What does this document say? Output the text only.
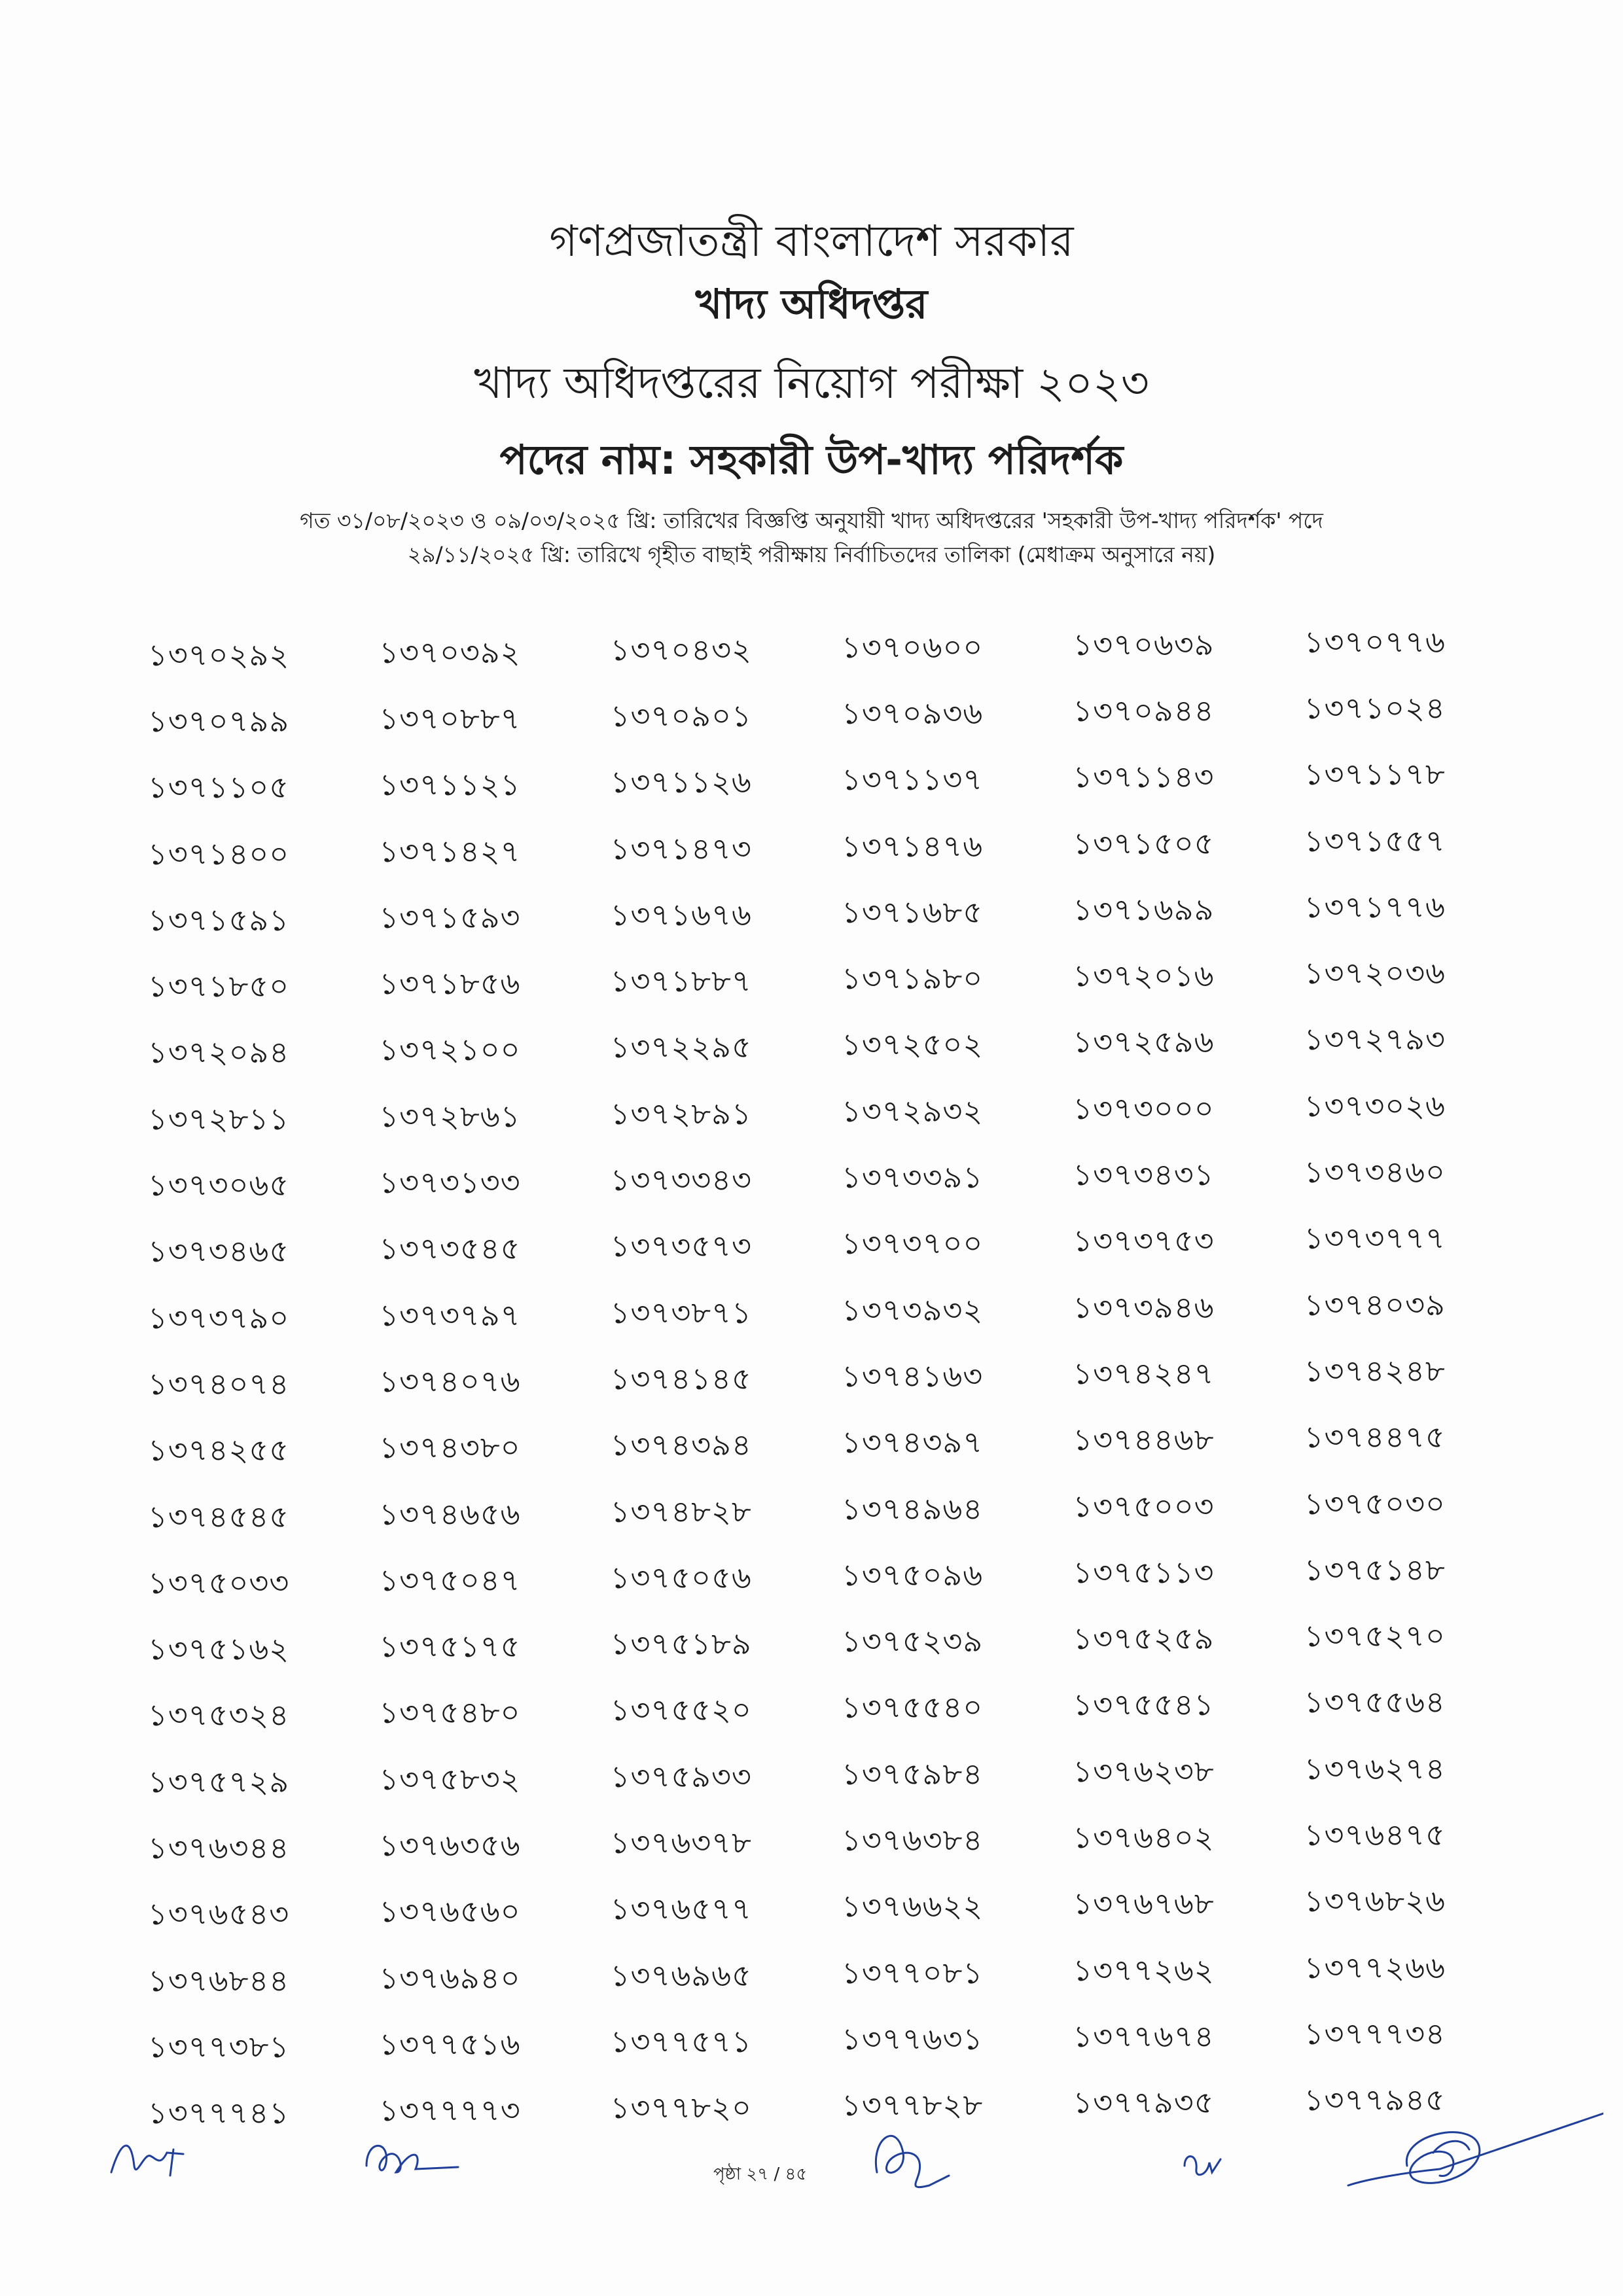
গণপ্রজাতন্ত্রী বাংলাদেশ সরকার
খাদ্য অধিদপ্তর
খাদ্য অধিদপ্তরের নিয়োগ পরীক্ষা ২০২৩
পদের নাম: সহকারী উপ-খাদ্য পরিদর্শক
গত ৩১/০৮/২০২৩ ও ০৯/০৩/২০২৫ খ্রি: তারিখের বিজ্ঞপ্তি অনুযায়ী খাদ্য অধিদপ্তরের 'সহকারী উপ-খাদ্য পরিদর্শক' পদে
২৯/১১/২০২৫ খ্রি: তারিখে গৃহীত বাছাই পরীক্ষায় নির্বাচিতদের তালিকা (মেধাক্রম অনুসারে নয়)
১৩৭০২৯২	১৩৭০৩৯২	১৩৭০৪৩২	১৩৭০৬০০	১৩৭০৬৩৯	১৩৭০৭৭৬
১৩৭০৭৯৯	১৩৭০৮৮৭	১৩৭০৯০১	১৩৭০৯৩৬	১৩৭০৯৪৪	১৩৭১০২৪
১৩৭১১০৫	১৩৭১১২১	১৩৭১১২৬	১৩৭১১৩৭	১৩৭১১৪৩	১৩৭১১৭৮
১৩৭১৪০০	১৩৭১৪২৭	১৩৭১৪৭৩	১৩৭১৪৭৬	১৩৭১৫০৫	১৩৭১৫৫৭
১৩৭১৫৯১	১৩৭১৫৯৩	১৩৭১৬৭৬	১৩৭১৬৮৫	১৩৭১৬৯৯	১৩৭১৭৭৬
১৩৭১৮৫০	১৩৭১৮৫৬	১৩৭১৮৮৭	১৩৭১৯৮০	১৩৭২০১৬	১৩৭২০৩৬
১৩৭২০৯৪	১৩৭২১০০	১৩৭২২৯৫	১৩৭২৫০২	১৩৭২৫৯৬	১৩৭২৭৯৩
১৩৭২৮১১	১৩৭২৮৬১	১৩৭২৮৯১	১৩৭২৯৩২	১৩৭৩০০০	১৩৭৩০২৬
১৩৭৩০৬৫	১৩৭৩১৩৩	১৩৭৩৩৪৩	১৩৭৩৩৯১	১৩৭৩৪৩১	১৩৭৩৪৬০
১৩৭৩৪৬৫	১৩৭৩৫৪৫	১৩৭৩৫৭৩	১৩৭৩৭০০	১৩৭৩৭৫৩	১৩৭৩৭৭৭
১৩৭৩৭৯০	১৩৭৩৭৯৭	১৩৭৩৮৭১	১৩৭৩৯৩২	১৩৭৩৯৪৬	১৩৭৪০৩৯
১৩৭৪০৭৪	১৩৭৪০৭৬	১৩৭৪১৪৫	১৩৭৪১৬৩	১৩৭৪২৪৭	১৩৭৪২৪৮
১৩৭৪২৫৫	১৩৭৪৩৮০	১৩৭৪৩৯৪	১৩৭৪৩৯৭	১৩৭৪৪৬৮	১৩৭৪৪৭৫
১৩৭৪৫৪৫	১৩৭৪৬৫৬	১৩৭৪৮২৮	১৩৭৪৯৬৪	১৩৭৫০০৩	১৩৭৫০৩০
১৩৭৫০৩৩	১৩৭৫০৪৭	১৩৭৫০৫৬	১৩৭৫০৯৬	১৩৭৫১১৩	১৩৭৫১৪৮
১৩৭৫১৬২	১৩৭৫১৭৫	১৩৭৫১৮৯	১৩৭৫২৩৯	১৩৭৫২৫৯	১৩৭৫২৭০
১৩৭৫৩২৪	১৩৭৫৪৮০	১৩৭৫৫২০	১৩৭৫৫৪০	১৩৭৫৫৪১	১৩৭৫৫৬৪
১৩৭৫৭২৯	১৩৭৫৮৩২	১৩৭৫৯৩৩	১৩৭৫৯৮৪	১৩৭৬২৩৮	১৩৭৬২৭৪
১৩৭৬৩৪৪	১৩৭৬৩৫৬	১৩৭৬৩৭৮	১৩৭৬৩৮৪	১৩৭৬৪০২	১৩৭৬৪৭৫
১৩৭৬৫৪৩	১৩৭৬৫৬০	১৩৭৬৫৭৭	১৩৭৬৬২২	১৩৭৬৭৬৮	১৩৭৬৮২৬
১৩৭৬৮৪৪	১৩৭৬৯৪০	১৩৭৬৯৬৫	১৩৭৭০৮১	১৩৭৭২৬২	১৩৭৭২৬৬
১৩৭৭৩৮১	১৩৭৭৫১৬	১৩৭৭৫৭১	১৩৭৭৬৩১	১৩৭৭৬৭৪	১৩৭৭৭৩৪
১৩৭৭৭৪১	১৩৭৭৭৭৩	১৩৭৭৮২০	১৩৭৭৮২৮	১৩৭৭৯৩৫	১৩৭৭৯৪৫
পৃষ্ঠা ২৭ / ৪৫
